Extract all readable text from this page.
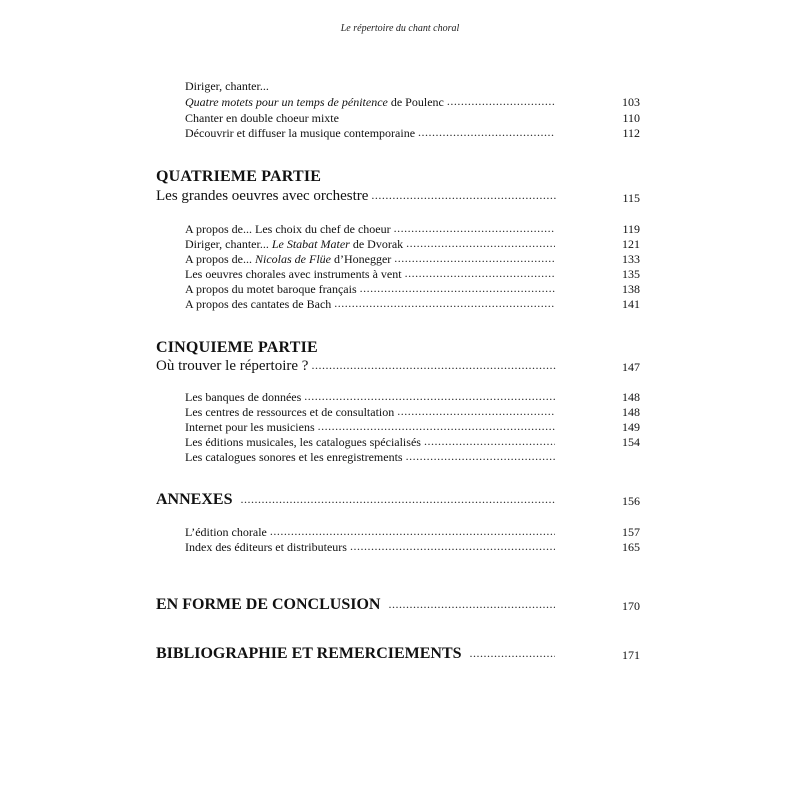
Le répertoire du chant choral
Diriger, chanter...
Quatre motets pour un temps de pénitence de Poulenc .....	103
Chanter en double choeur mixte	110
Découvrir et diffuser la musique contemporaine .....	112
QUATRIEME PARTIE
Les grandes oeuvres avec orchestre .....	115
A propos de... Les choix du chef de choeur .....	119
Diriger, chanter... Le Stabat Mater de Dvorak .....	121
A propos de... Nicolas de Flüe d’Honegger .....	133
Les oeuvres chorales avec instruments à vent .....	135
A propos du motet baroque français .....	138
A propos des cantates de Bach .....	141
CINQUIEME PARTIE
Où trouver le répertoire ? .....	147
Les banques de données .....	148
Les centres de ressources et de consultation .....	148
Internet pour les musiciens .....	149
Les éditions musicales, les catalogues spécialisés .....	154
Les catalogues sonores et les enregistrements
.....
ANNEXES .....	156
L’édition chorale .....	157
Index des éditeurs et distributeurs .....	165
EN FORME DE CONCLUSION .....	170
BIBLIOGRAPHIE ET REMERCIEMENTS .....	171
